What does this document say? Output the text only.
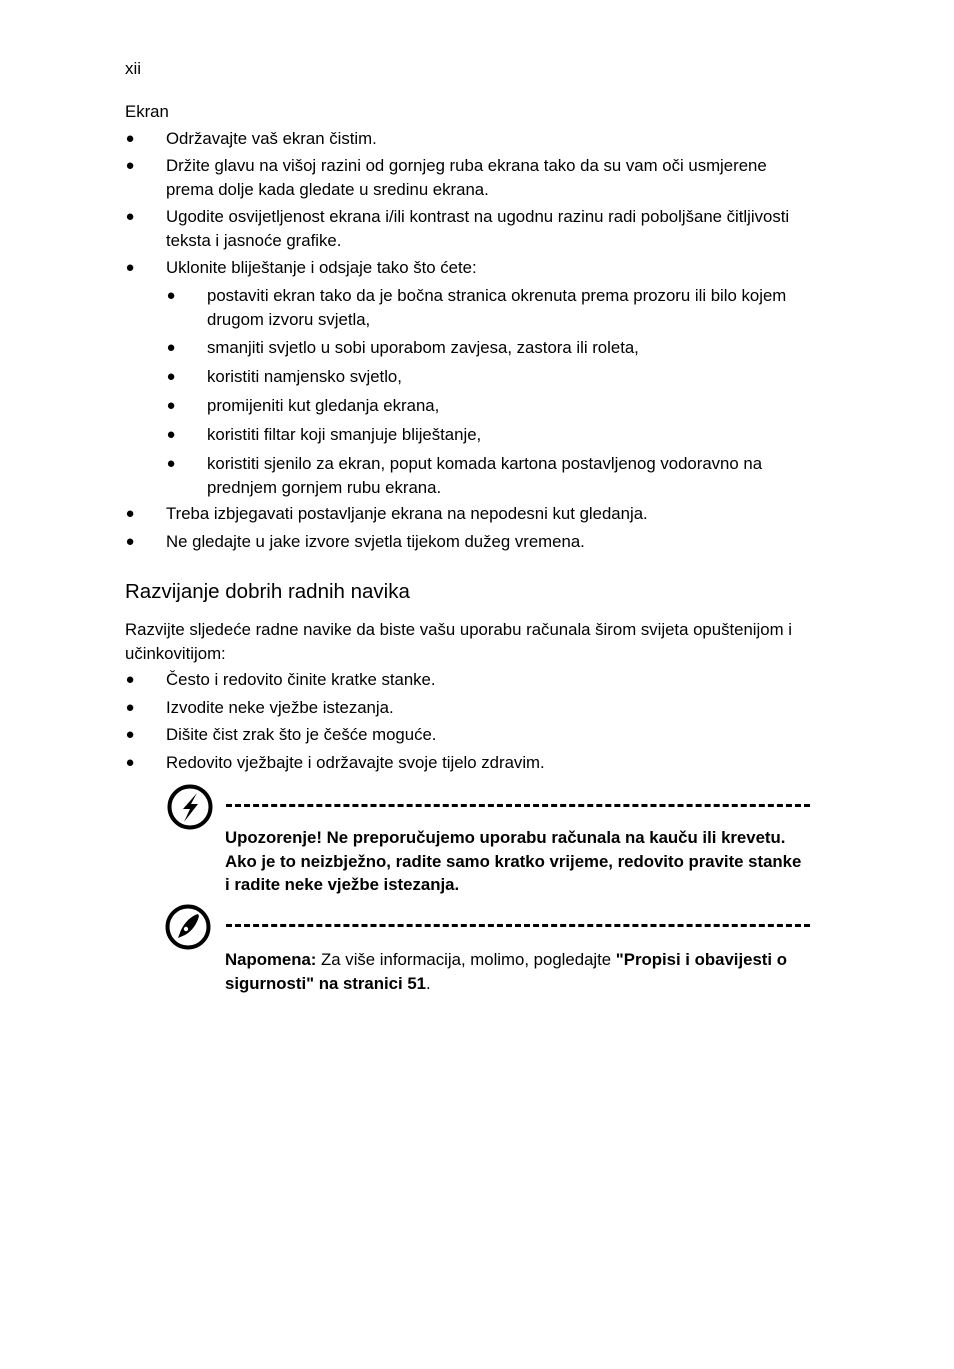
xii
Ekran
● Održavajte vaš ekran čistim.
● Držite glavu na višoj razini od gornjeg ruba ekrana tako da su vam oči usmjerene prema dolje kada gledate u sredinu ekrana.
● Ugodite osvijetljenost ekrana i/ili kontrast na ugodnu razinu radi poboljšane čitljivosti teksta i jasnoće grafike.
● Uklonite bliještanje i odsjaje tako što ćete:
● postaviti ekran tako da je bočna stranica okrenuta prema prozoru ili bilo kojem drugom izvoru svjetla,
● smanjiti svjetlo u sobi uporabom zavjesa, zastora ili roleta,
● koristiti namjensko svjetlo,
● promijeniti kut gledanja ekrana,
● koristiti filtar koji smanjuje bliještanje,
● koristiti sjenilo za ekran, poput komada kartona postavljenog vodoravno na prednjem gornjem rubu ekrana.
● Treba izbjegavati postavljanje ekrana na nepodesni kut gledanja.
● Ne gledajte u jake izvore svjetla tijekom dužeg vremena.
Razvijanje dobrih radnih navika
Razvijte sljedeće radne navike da biste vašu uporabu računala širom svijeta opuštenijom i učinkovitijom:
● Često i redovito činite kratke stanke.
● Izvodite neke vježbe istezanja.
● Dišite čist zrak što je češće moguće.
● Redovito vježbajte i održavajte svoje tijelo zdravim.
Upozorenje! Ne preporučujemo uporabu računala na kauču ili krevetu. Ako je to neizbježno, radite samo kratko vrijeme, redovito pravite stanke i radite neke vježbe istezanja.
Napomena: Za više informacija, molimo, pogledajte "Propisi i obavijesti o sigurnosti" na stranici 51.
